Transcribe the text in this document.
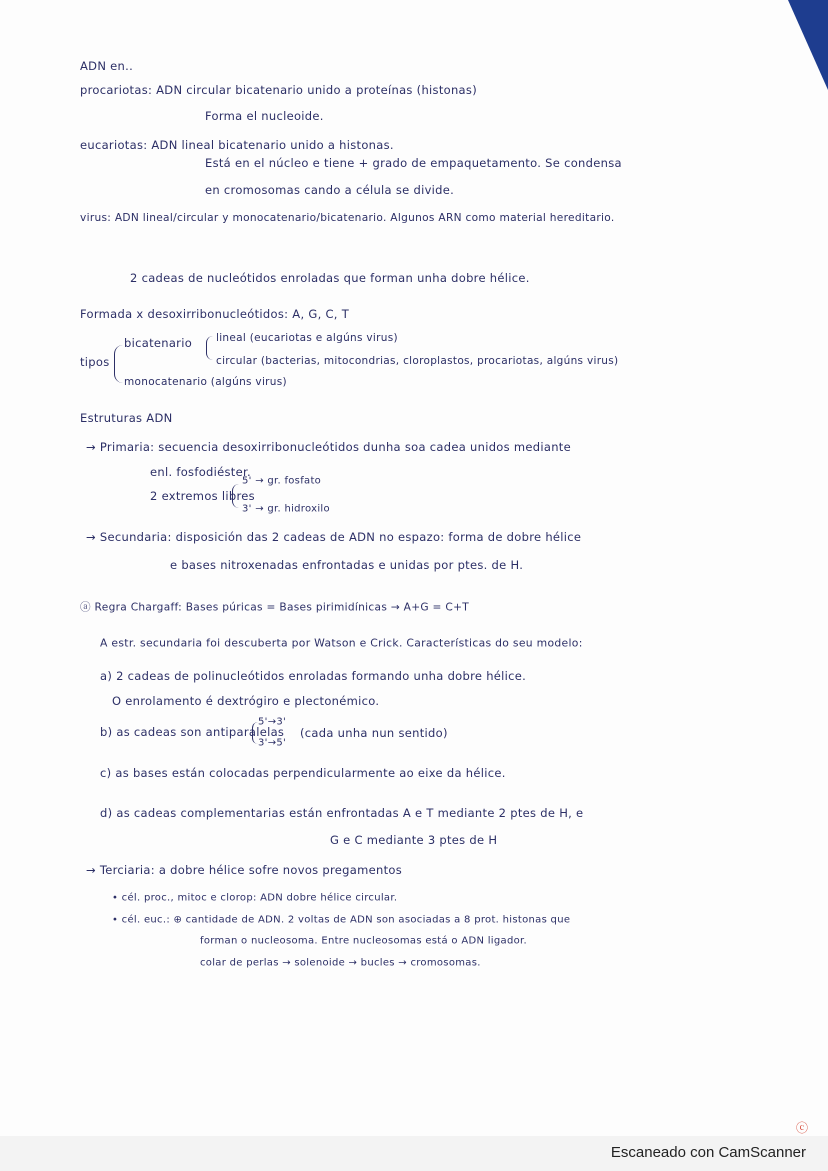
ADN en..
procariotas: ADN circular bicatenario unido a proteínas (histonas)
Forma el nucleoide.
eucariotas: ADN lineal bicatenario unido a histonas.
Está en el núcleo e tiene + grado de empaquetamento. Se condensa
en cromosomas cando a célula se divide.
virus: ADN lineal/circular y monocatenario/bicatenario. Algunos ARN como material hereditario.
2 cadeas de nucleótidos enroladas que forman unha dobre hélice.
Formada x desoxirribonucleótidos: A, G, C, T
tipos
bicatenario lineal (eucariotas e algúns virus)
circular (bacterias, mitocondrias, cloroplastos, procariotas, algúns virus)
monocatenario (algúns virus)
Estruturas ADN
→ Primaria: secuencia desoxirribonucleótidos dunha soa cadea unidos mediante
enl. fosfodiéster.
2 extremos libres
5' → gr. fosfato
3' → gr. hidroxilo
→ Secundaria: disposición das 2 cadeas de ADN no espazo: forma de dobre hélice
e bases nitroxenadas enfrontadas e unidas por ptes. de H.
ⓐ Regra Chargaff: Bases púricas = Bases pirimidínicas → A+G = C+T
A estr. secundaria foi descuberta por Watson e Crick. Características do seu modelo:
a) 2 cadeas de polinucleótidos enroladas formando unha dobre hélice.
O enrolamento é dextrógiro e plectonémico.
b) as cadeas son antiparalelas
5'→3'
3'→5'
(cada unha nun sentido)
c) as bases están colocadas perpendicularmente ao eixe da hélice.
d) as cadeas complementarias están enfrontadas A e T mediante 2 ptes de H, e
G e C mediante 3 ptes de H
→ Terciaria: a dobre hélice sofre novos pregamentos
• cél. proc., mitoc e clorop: ADN dobre hélice circular.
• cél. euc.: ⊕ cantidade de ADN. 2 voltas de ADN son asociadas a 8 prot. histonas que
forman o nucleosoma. Entre nucleosomas está o ADN ligador.
colar de perlas → solenoide → bucles → cromosomas.
ⓒ
Escaneado con CamScanner
